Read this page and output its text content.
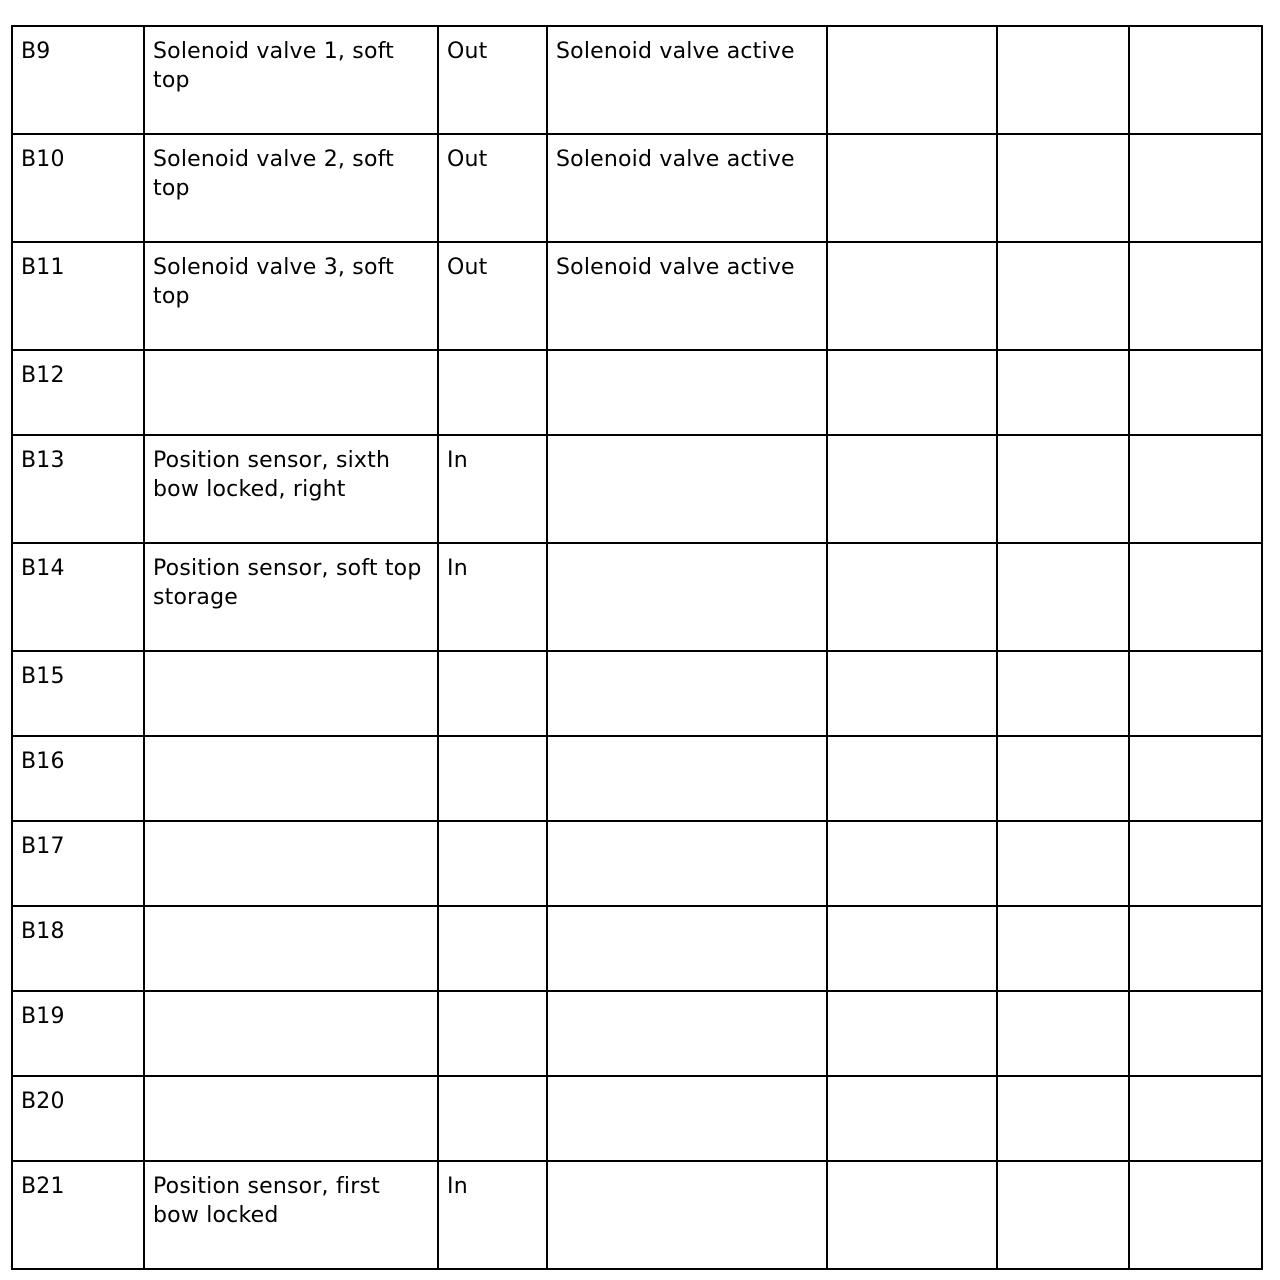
B9	Solenoid valve 1, soft top	Out	Solenoid valve active			
B10	Solenoid valve 2, soft top	Out	Solenoid valve active			
B11	Solenoid valve 3, soft top	Out	Solenoid valve active			
B12						
B13	Position sensor, sixth bow locked, right	In				
B14	Position sensor, soft top storage	In				
B15						
B16						
B17						
B18						
B19						
B20						
B21	Position sensor, first bow locked	In				
